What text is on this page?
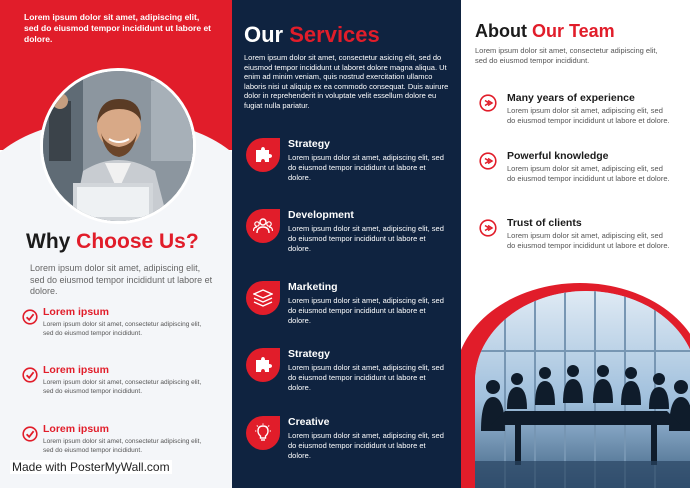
Lorem ipsum dolor sit amet, adipiscing elit, sed do eiusmod tempor incididunt ut labore et dolore.
Why Choose Us?
Lorem ipsum dolor sit amet, adipiscing elit, sed do eiusmod tempor incididunt ut labore et dolore.
Lorem ipsum
Lorem ipsum dolor sit amet, consectetur adipiscing elit, sed do eiusmod tempor incididunt.
Lorem ipsum
Lorem ipsum dolor sit amet, consectetur adipiscing elit, sed do eiusmod tempor incididunt.
Lorem ipsum
Lorem ipsum dolor sit amet, consectetur adipiscing elit, sed do eiusmod tempor incididunt.
Our Services
Lorem ipsum dolor sit amet, consectetur asicing elit, sed do eiusmod tempor incididunt ut laboret dolore magna aliqua. Ut enim ad minim veniam, quis nostrud exercitation ullamco laboris nisi ut aliquip ex ea commodo consequat. Duis auirure dolor in reprehenderit in voluptate velit essellum dolore eu fugiat nulla pariatur.
Strategy
Lorem ipsum dolor sit amet, adipiscing elit, sed do eiusmod tempor incididunt ut labore et dolore.
Development
Lorem ipsum dolor sit amet, adipiscing elit, sed do eiusmod tempor incididunt ut labore et dolore.
Marketing
Lorem ipsum dolor sit amet, adipiscing elit, sed do eiusmod tempor incididunt ut labore et dolore.
Strategy
Lorem ipsum dolor sit amet, adipiscing elit, sed do eiusmod tempor incididunt ut labore et dolore.
Creative
Lorem ipsum dolor sit amet, adipiscing elit, sed do eiusmod tempor incididunt ut labore et dolore.
About Our Team
Lorem ipsum dolor sit amet, consectetur adipiscing elit, sed do eiusmod tempor incididunt.
Many years of experience
Lorem ipsum dolor sit amet, adipiscing elit, sed do eiusmod tempor incididunt ut labore et dolore.
Powerful knowledge
Lorem ipsum dolor sit amet, adipiscing elit, sed do eiusmod tempor incididunt ut labore et dolore.
Trust of clients
Lorem ipsum dolor sit amet, adipiscing elit, sed do eiusmod tempor incididunt ut labore et dolore.
Made with PosterMyWall.com
